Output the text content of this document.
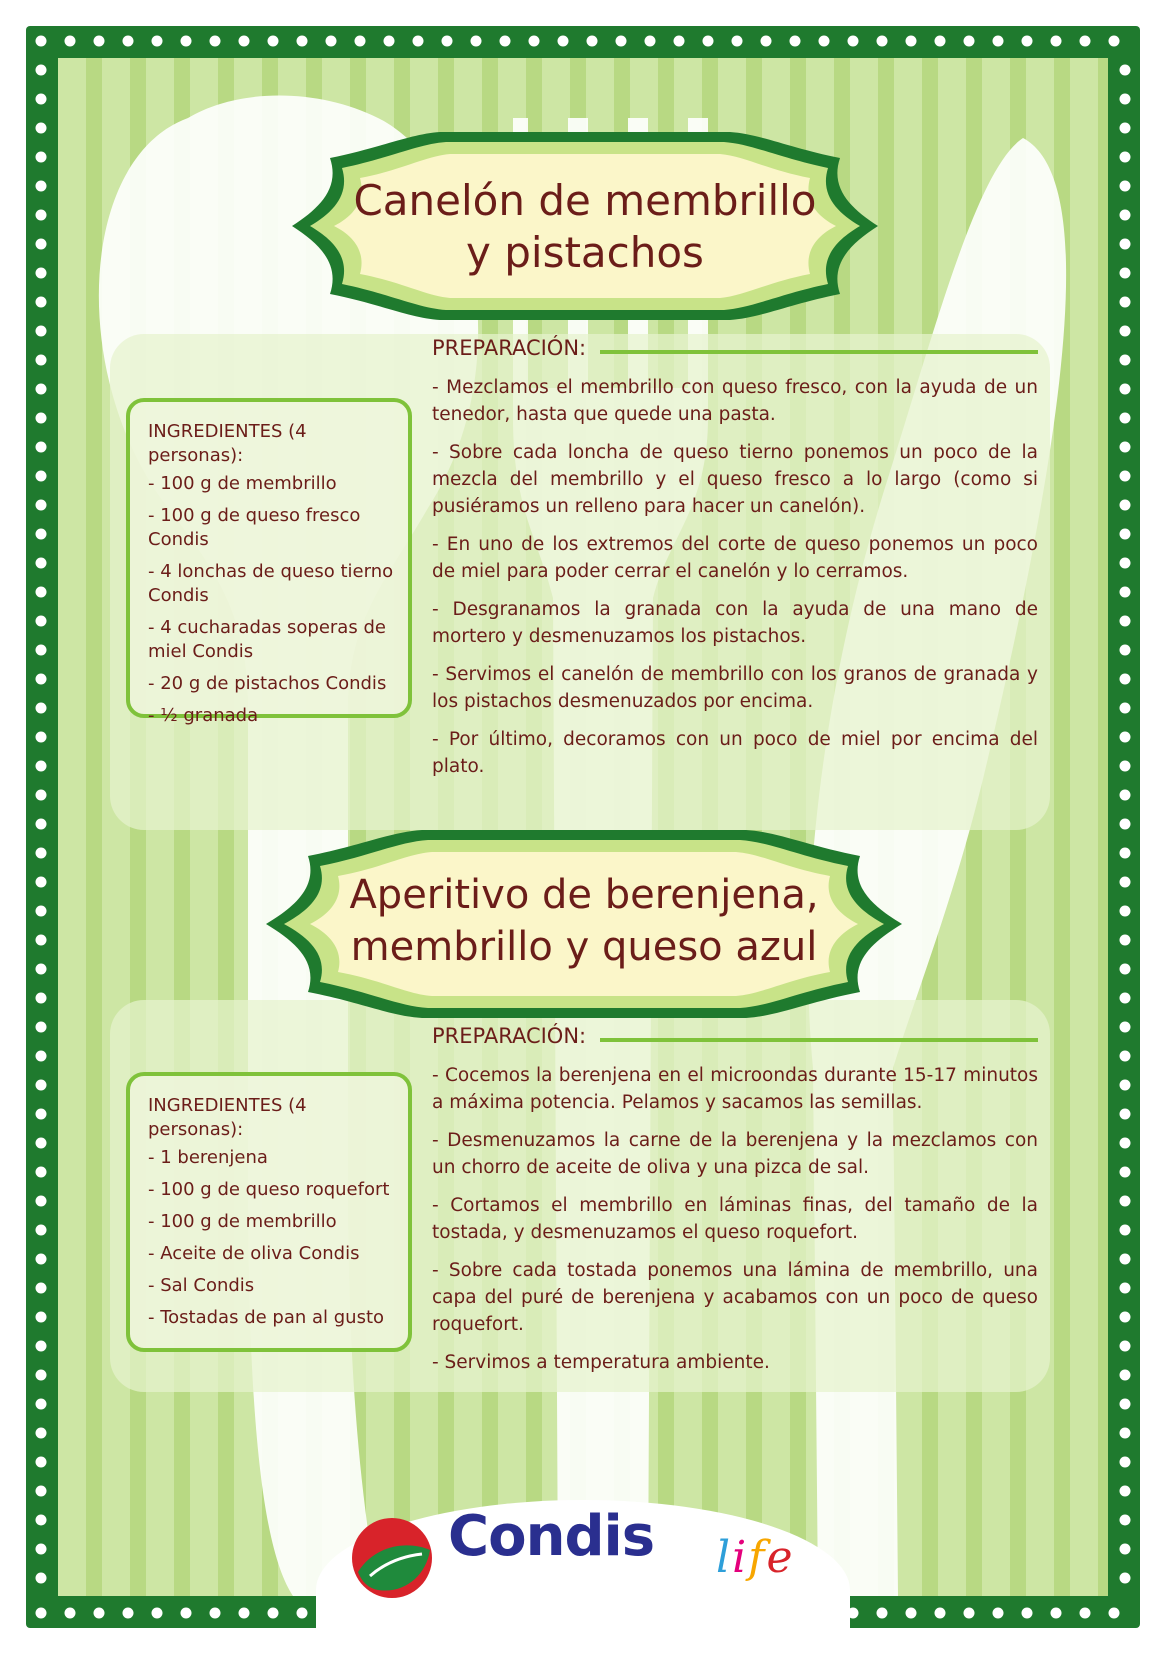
Canelón de membrillo
y pistachos
INGREDIENTES (4 personas):
- 100 g de membrillo
- 100 g de queso fresco Condis
- 4 lonchas de queso tierno Condis
- 4 cucharadas soperas de miel Condis
- 20 g de pistachos Condis
- ½ granada
PREPARACIÓN:
- Mezclamos el membrillo con queso fresco, con la ayuda de un tenedor, hasta que quede una pasta.
- Sobre cada loncha de queso tierno ponemos un poco de la mezcla del membrillo y el queso fresco a lo largo (como si pusiéramos un relleno para hacer un canelón).
- En uno de los extremos del corte de queso ponemos un poco de miel para poder cerrar el canelón y lo cerramos.
- Desgranamos la granada con la ayuda de una mano de mortero y desmenuzamos los pistachos.
- Servimos el canelón de membrillo con los granos de granada y los pistachos desmenuzados por encima.
- Por último, decoramos con un poco de miel por encima del plato.
Aperitivo de berenjena,
membrillo y queso azul
INGREDIENTES (4 personas):
- 1 berenjena
- 100 g de queso roquefort
- 100 g de membrillo
- Aceite de oliva Condis
- Sal Condis
- Tostadas de pan al gusto
PREPARACIÓN:
- Cocemos la berenjena en el microondas durante 15-17 minutos a máxima potencia. Pelamos y sacamos las semillas.
- Desmenuzamos la carne de la berenjena y la mezclamos con un chorro de aceite de oliva y una pizca de sal.
- Cortamos el membrillo en láminas finas, del tamaño de la tostada, y desmenuzamos el queso roquefort.
- Sobre cada tostada ponemos una lámina de membrillo, una capa del puré de berenjena y acabamos con un poco de queso roquefort.
- Servimos a temperatura ambiente.
Condis life
